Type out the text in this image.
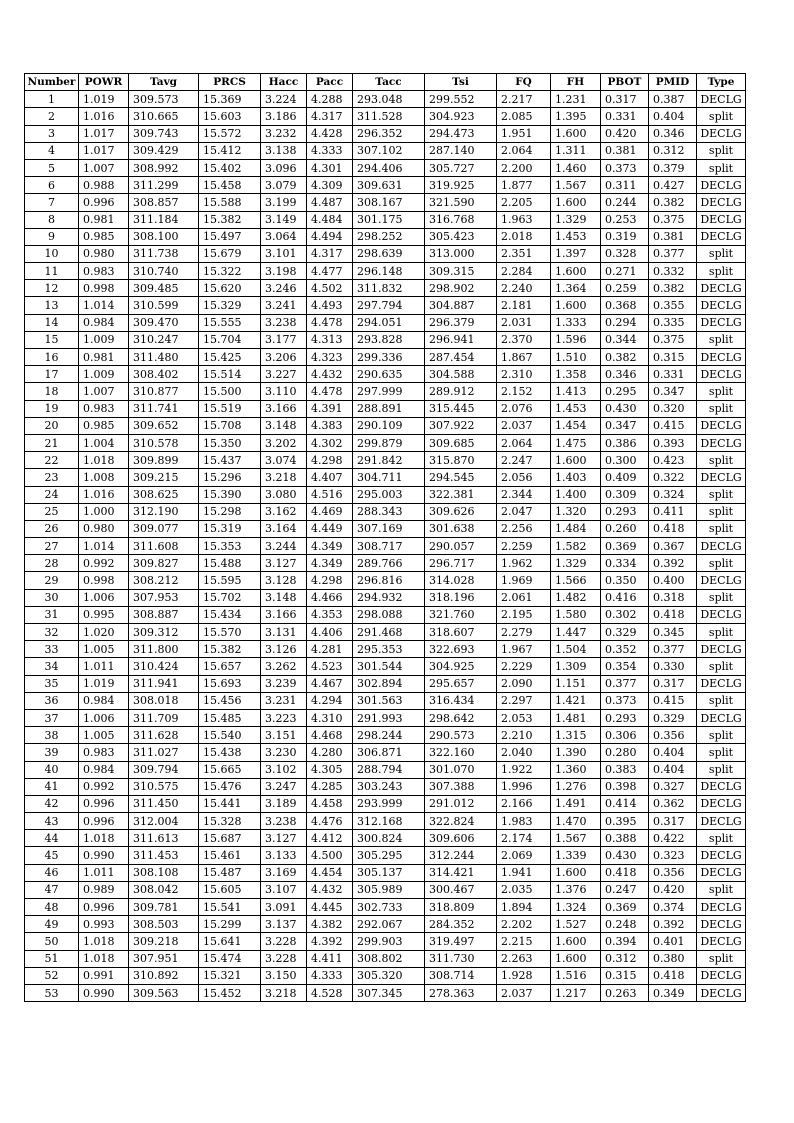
Number	POWR	Tavg	PRCS	Hacc	Pacc	Tacc	Tsi	FQ	FH	PBOT	PMID	Type
1	1.019	309.573	15.369	3.224	4.288	293.048	299.552	2.217	1.231	0.317	0.387	DECLG
2	1.016	310.665	15.603	3.186	4.317	311.528	304.923	2.085	1.395	0.331	0.404	split
3	1.017	309.743	15.572	3.232	4.428	296.352	294.473	1.951	1.600	0.420	0.346	DECLG
4	1.017	309.429	15.412	3.138	4.333	307.102	287.140	2.064	1.311	0.381	0.312	split
5	1.007	308.992	15.402	3.096	4.301	294.406	305.727	2.200	1.460	0.373	0.379	split
6	0.988	311.299	15.458	3.079	4.309	309.631	319.925	1.877	1.567	0.311	0.427	DECLG
7	0.996	308.857	15.588	3.199	4.487	308.167	321.590	2.205	1.600	0.244	0.382	DECLG
8	0.981	311.184	15.382	3.149	4.484	301.175	316.768	1.963	1.329	0.253	0.375	DECLG
9	0.985	308.100	15.497	3.064	4.494	298.252	305.423	2.018	1.453	0.319	0.381	DECLG
10	0.980	311.738	15.679	3.101	4.317	298.639	313.000	2.351	1.397	0.328	0.377	split
11	0.983	310.740	15.322	3.198	4.477	296.148	309.315	2.284	1.600	0.271	0.332	split
12	0.998	309.485	15.620	3.246	4.502	311.832	298.902	2.240	1.364	0.259	0.382	DECLG
13	1.014	310.599	15.329	3.241	4.493	297.794	304.887	2.181	1.600	0.368	0.355	DECLG
14	0.984	309.470	15.555	3.238	4.478	294.051	296.379	2.031	1.333	0.294	0.335	DECLG
15	1.009	310.247	15.704	3.177	4.313	293.828	296.941	2.370	1.596	0.344	0.375	split
16	0.981	311.480	15.425	3.206	4.323	299.336	287.454	1.867	1.510	0.382	0.315	DECLG
17	1.009	308.402	15.514	3.227	4.432	290.635	304.588	2.310	1.358	0.346	0.331	DECLG
18	1.007	310.877	15.500	3.110	4.478	297.999	289.912	2.152	1.413	0.295	0.347	split
19	0.983	311.741	15.519	3.166	4.391	288.891	315.445	2.076	1.453	0.430	0.320	split
20	0.985	309.652	15.708	3.148	4.383	290.109	307.922	2.037	1.454	0.347	0.415	DECLG
21	1.004	310.578	15.350	3.202	4.302	299.879	309.685	2.064	1.475	0.386	0.393	DECLG
22	1.018	309.899	15.437	3.074	4.298	291.842	315.870	2.247	1.600	0.300	0.423	split
23	1.008	309.215	15.296	3.218	4.407	304.711	294.545	2.056	1.403	0.409	0.322	DECLG
24	1.016	308.625	15.390	3.080	4.516	295.003	322.381	2.344	1.400	0.309	0.324	split
25	1.000	312.190	15.298	3.162	4.469	288.343	309.626	2.047	1.320	0.293	0.411	split
26	0.980	309.077	15.319	3.164	4.449	307.169	301.638	2.256	1.484	0.260	0.418	split
27	1.014	311.608	15.353	3.244	4.349	308.717	290.057	2.259	1.582	0.369	0.367	DECLG
28	0.992	309.827	15.488	3.127	4.349	289.766	296.717	1.962	1.329	0.334	0.392	split
29	0.998	308.212	15.595	3.128	4.298	296.816	314.028	1.969	1.566	0.350	0.400	DECLG
30	1.006	307.953	15.702	3.148	4.466	294.932	318.196	2.061	1.482	0.416	0.318	split
31	0.995	308.887	15.434	3.166	4.353	298.088	321.760	2.195	1.580	0.302	0.418	DECLG
32	1.020	309.312	15.570	3.131	4.406	291.468	318.607	2.279	1.447	0.329	0.345	split
33	1.005	311.800	15.382	3.126	4.281	295.353	322.693	1.967	1.504	0.352	0.377	DECLG
34	1.011	310.424	15.657	3.262	4.523	301.544	304.925	2.229	1.309	0.354	0.330	split
35	1.019	311.941	15.693	3.239	4.467	302.894	295.657	2.090	1.151	0.377	0.317	DECLG
36	0.984	308.018	15.456	3.231	4.294	301.563	316.434	2.297	1.421	0.373	0.415	split
37	1.006	311.709	15.485	3.223	4.310	291.993	298.642	2.053	1.481	0.293	0.329	DECLG
38	1.005	311.628	15.540	3.151	4.468	298.244	290.573	2.210	1.315	0.306	0.356	split
39	0.983	311.027	15.438	3.230	4.280	306.871	322.160	2.040	1.390	0.280	0.404	split
40	0.984	309.794	15.665	3.102	4.305	288.794	301.070	1.922	1.360	0.383	0.404	split
41	0.992	310.575	15.476	3.247	4.285	303.243	307.388	1.996	1.276	0.398	0.327	DECLG
42	0.996	311.450	15.441	3.189	4.458	293.999	291.012	2.166	1.491	0.414	0.362	DECLG
43	0.996	312.004	15.328	3.238	4.476	312.168	322.824	1.983	1.470	0.395	0.317	DECLG
44	1.018	311.613	15.687	3.127	4.412	300.824	309.606	2.174	1.567	0.388	0.422	split
45	0.990	311.453	15.461	3.133	4.500	305.295	312.244	2.069	1.339	0.430	0.323	DECLG
46	1.011	308.108	15.487	3.169	4.454	305.137	314.421	1.941	1.600	0.418	0.356	DECLG
47	0.989	308.042	15.605	3.107	4.432	305.989	300.467	2.035	1.376	0.247	0.420	split
48	0.996	309.781	15.541	3.091	4.445	302.733	318.809	1.894	1.324	0.369	0.374	DECLG
49	0.993	308.503	15.299	3.137	4.382	292.067	284.352	2.202	1.527	0.248	0.392	DECLG
50	1.018	309.218	15.641	3.228	4.392	299.903	319.497	2.215	1.600	0.394	0.401	DECLG
51	1.018	307.951	15.474	3.228	4.411	308.802	311.730	2.263	1.600	0.312	0.380	split
52	0.991	310.892	15.321	3.150	4.333	305.320	308.714	1.928	1.516	0.315	0.418	DECLG
53	0.990	309.563	15.452	3.218	4.528	307.345	278.363	2.037	1.217	0.263	0.349	DECLG
